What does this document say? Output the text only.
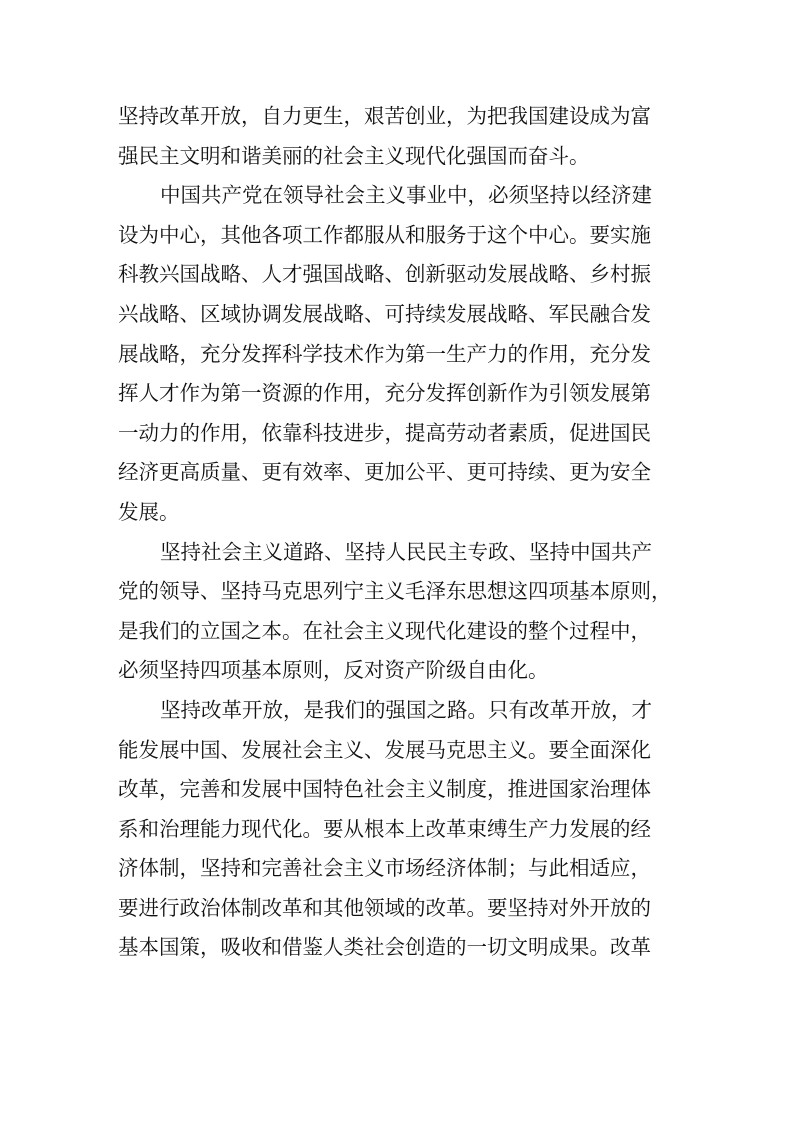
坚持改革开放，自力更生，艰苦创业，为把我国建设成为富
强民主文明和谐美丽的社会主义现代化强国而奋斗。
中国共产党在领导社会主义事业中，必须坚持以经济建
设为中心，其他各项工作都服从和服务于这个中心。要实施
科教兴国战略、人才强国战略、创新驱动发展战略、乡村振
兴战略、区域协调发展战略、可持续发展战略、军民融合发
展战略，充分发挥科学技术作为第一生产力的作用，充分发
挥人才作为第一资源的作用，充分发挥创新作为引领发展第
一动力的作用，依靠科技进步，提高劳动者素质，促进国民
经济更高质量、更有效率、更加公平、更可持续、更为安全
发展。
坚持社会主义道路、坚持人民民主专政、坚持中国共产
党的领导、坚持马克思列宁主义毛泽东思想这四项基本原则，
是我们的立国之本。在社会主义现代化建设的整个过程中，
必须坚持四项基本原则，反对资产阶级自由化。
坚持改革开放，是我们的强国之路。只有改革开放，才
能发展中国、发展社会主义、发展马克思主义。要全面深化
改革，完善和发展中国特色社会主义制度，推进国家治理体
系和治理能力现代化。要从根本上改革束缚生产力发展的经
济体制，坚持和完善社会主义市场经济体制；与此相适应，
要进行政治体制改革和其他领域的改革。要坚持对外开放的
基本国策，吸收和借鉴人类社会创造的一切文明成果。改革
